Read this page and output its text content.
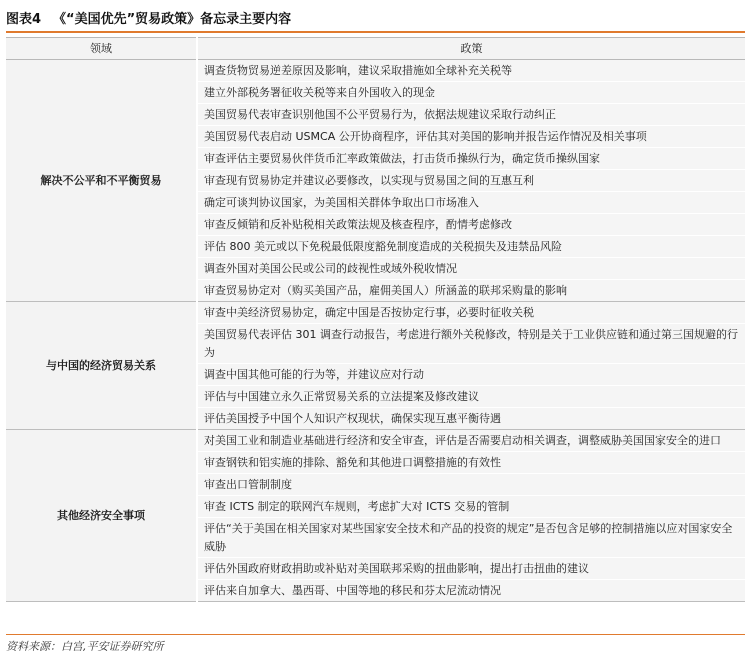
图表4 《“美国优先”贸易政策》备忘录主要内容
领域	政策
解决不公平和不平衡贸易	调查货物贸易逆差原因及影响，建议采取措施如全球补充关税等
	建立外部税务署征收关税等来自外国收入的现金
	美国贸易代表审查识别他国不公平贸易行为，依据法规建议采取行动纠正
	美国贸易代表启动 USMCA 公开协商程序，评估其对美国的影响并报告运作情况及相关事项
	审查评估主要贸易伙伴货币汇率政策做法，打击货币操纵行为，确定货币操纵国家
	审查现有贸易协定并建议必要修改，以实现与贸易国之间的互惠互利
	确定可谈判协议国家，为美国相关群体争取出口市场准入
	审查反倾销和反补贴税相关政策法规及核查程序，酌情考虑修改
	评估 800 美元或以下免税最低限度豁免制度造成的关税损失及违禁品风险
	调查外国对美国公民或公司的歧视性或域外税收情况
	审查贸易协定对（购买美国产品，雇佣美国人）所涵盖的联邦采购量的影响
与中国的经济贸易关系	审查中美经济贸易协定，确定中国是否按协定行事，必要时征收关税
	美国贸易代表评估 301 调查行动报告，考虑进行额外关税修改，特别是关于工业供应链和通过第三国规避的行为
	调查中国其他可能的行为等，并建议应对行动
	评估与中国建立永久正常贸易关系的立法提案及修改建议
	评估美国授予中国个人知识产权现状，确保实现互惠平衡待遇
其他经济安全事项	对美国工业和制造业基础进行经济和安全审查，评估是否需要启动相关调查，调整威胁美国国家安全的进口
	审查钢铁和铝实施的排除、豁免和其他进口调整措施的有效性
	审查出口管制制度
	审查 ICTS 制定的联网汽车规则，考虑扩大对 ICTS 交易的管制
	评估“关于美国在相关国家对某些国家安全技术和产品的投资的规定”是否包含足够的控制措施以应对国家安全威胁
	评估外国政府财政捐助或补贴对美国联邦采购的扭曲影响，提出打击扭曲的建议
	评估来自加拿大、墨西哥、中国等地的移民和芬太尼流动情况
资料来源：白宫,平安证券研究所
